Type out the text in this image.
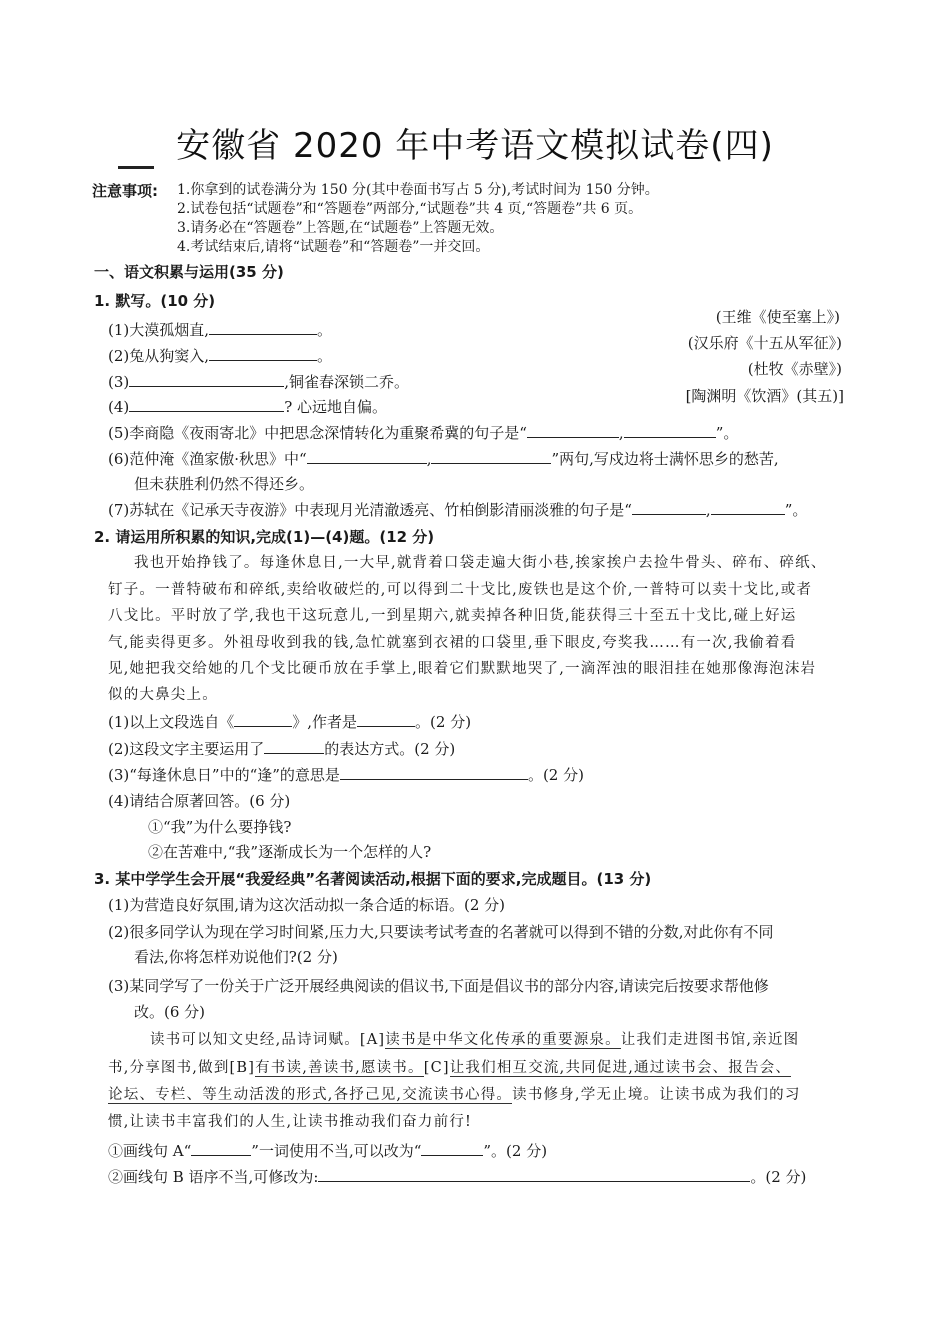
安徽省 2020 年中考语文模拟试卷(四)
注意事项: 1.你拿到的试卷满分为 150 分(其中卷面书写占 5 分),考试时间为 150 分钟。
2.试卷包括“试题卷”和“答题卷”两部分,“试题卷”共 4 页,“答题卷”共 6 页。
3.请务必在“答题卷”上答题,在“试题卷”上答题无效。
4.考试结束后,请将“试题卷”和“答题卷”一并交回。
一、语文积累与运用(35 分)
1. 默写。(10 分)
(1)大漠孤烟直,	。
(王维《使至塞上》)
(2)兔从狗窦入,	。
(汉乐府《十五从军征》)
(3)	,铜雀春深锁二乔。
(杜牧《赤壁》)
(4)	? 心远地自偏。
[陶渊明《饮酒》(其五)]
(5)李商隐《夜雨寄北》中把思念深情转化为重聚希冀的句子是“	,	”。
(6)范仲淹《渔家傲·秋思》中“	,	”两句,写戍边将士满怀思乡的愁苦,
但未获胜利仍然不得还乡。
(7)苏轼在《记承天寺夜游》中表现月光清澈透亮、竹柏倒影清丽淡雅的句子是“	,	”。
2. 请运用所积累的知识,完成(1)—(4)题。(12 分)
我也开始挣钱了。每逢休息日,一大早,就背着口袋走遍大街小巷,挨家挨户去捡牛骨头、碎布、碎纸、
钉子。一普特破布和碎纸,卖给收破烂的,可以得到二十戈比,废铁也是这个价,一普特可以卖十戈比,或者
八戈比。平时放了学,我也干这玩意儿,一到星期六,就卖掉各种旧货,能获得三十至五十戈比,碰上好运
气,能卖得更多。外祖母收到我的钱,急忙就塞到衣裙的口袋里,垂下眼皮,夸奖我……有一次,我偷着看
见,她把我交给她的几个戈比硬币放在手掌上,眼着它们默默地哭了,一滴浑浊的眼泪挂在她那像海泡沫岩
似的大鼻尖上。
(1)以上文段选自《	》,作者是	。(2 分)
(2)这段文字主要运用了	的表达方式。(2 分)
(3)“每逢休息日”中的“逢”的意思是	。(2 分)
(4)请结合原著回答。(6 分)
①“我”为什么要挣钱?
②在苦难中,“我”逐渐成长为一个怎样的人?
3. 某中学学生会开展“我爱经典”名著阅读活动,根据下面的要求,完成题目。(13 分)
(1)为营造良好氛围,请为这次活动拟一条合适的标语。(2 分)
(2)很多同学认为现在学习时间紧,压力大,只要读考试考查的名著就可以得到不错的分数,对此你有不同
看法,你将怎样劝说他们?(2 分)
(3)某同学写了一份关于广泛开展经典阅读的倡议书,下面是倡议书的部分内容,请读完后按要求帮他修
改。(6 分)
读书可以知文史经,品诗词赋。[A]读书是中华文化传承的重要源泉。让我们走进图书馆,亲近图
书,分享图书,做到[B]有书读,善读书,愿读书。[C]让我们相互交流,共同促进,通过读书会、报告会、
论坛、专栏、等生动活泼的形式,各抒己见,交流读书心得。读书修身,学无止境。让读书成为我们的习
惯,让读书丰富我们的人生,让读书推动我们奋力前行!
①画线句 A“	”一词使用不当,可以改为“	”。(2 分)
②画线句 B 语序不当,可修改为:	。(2 分)
